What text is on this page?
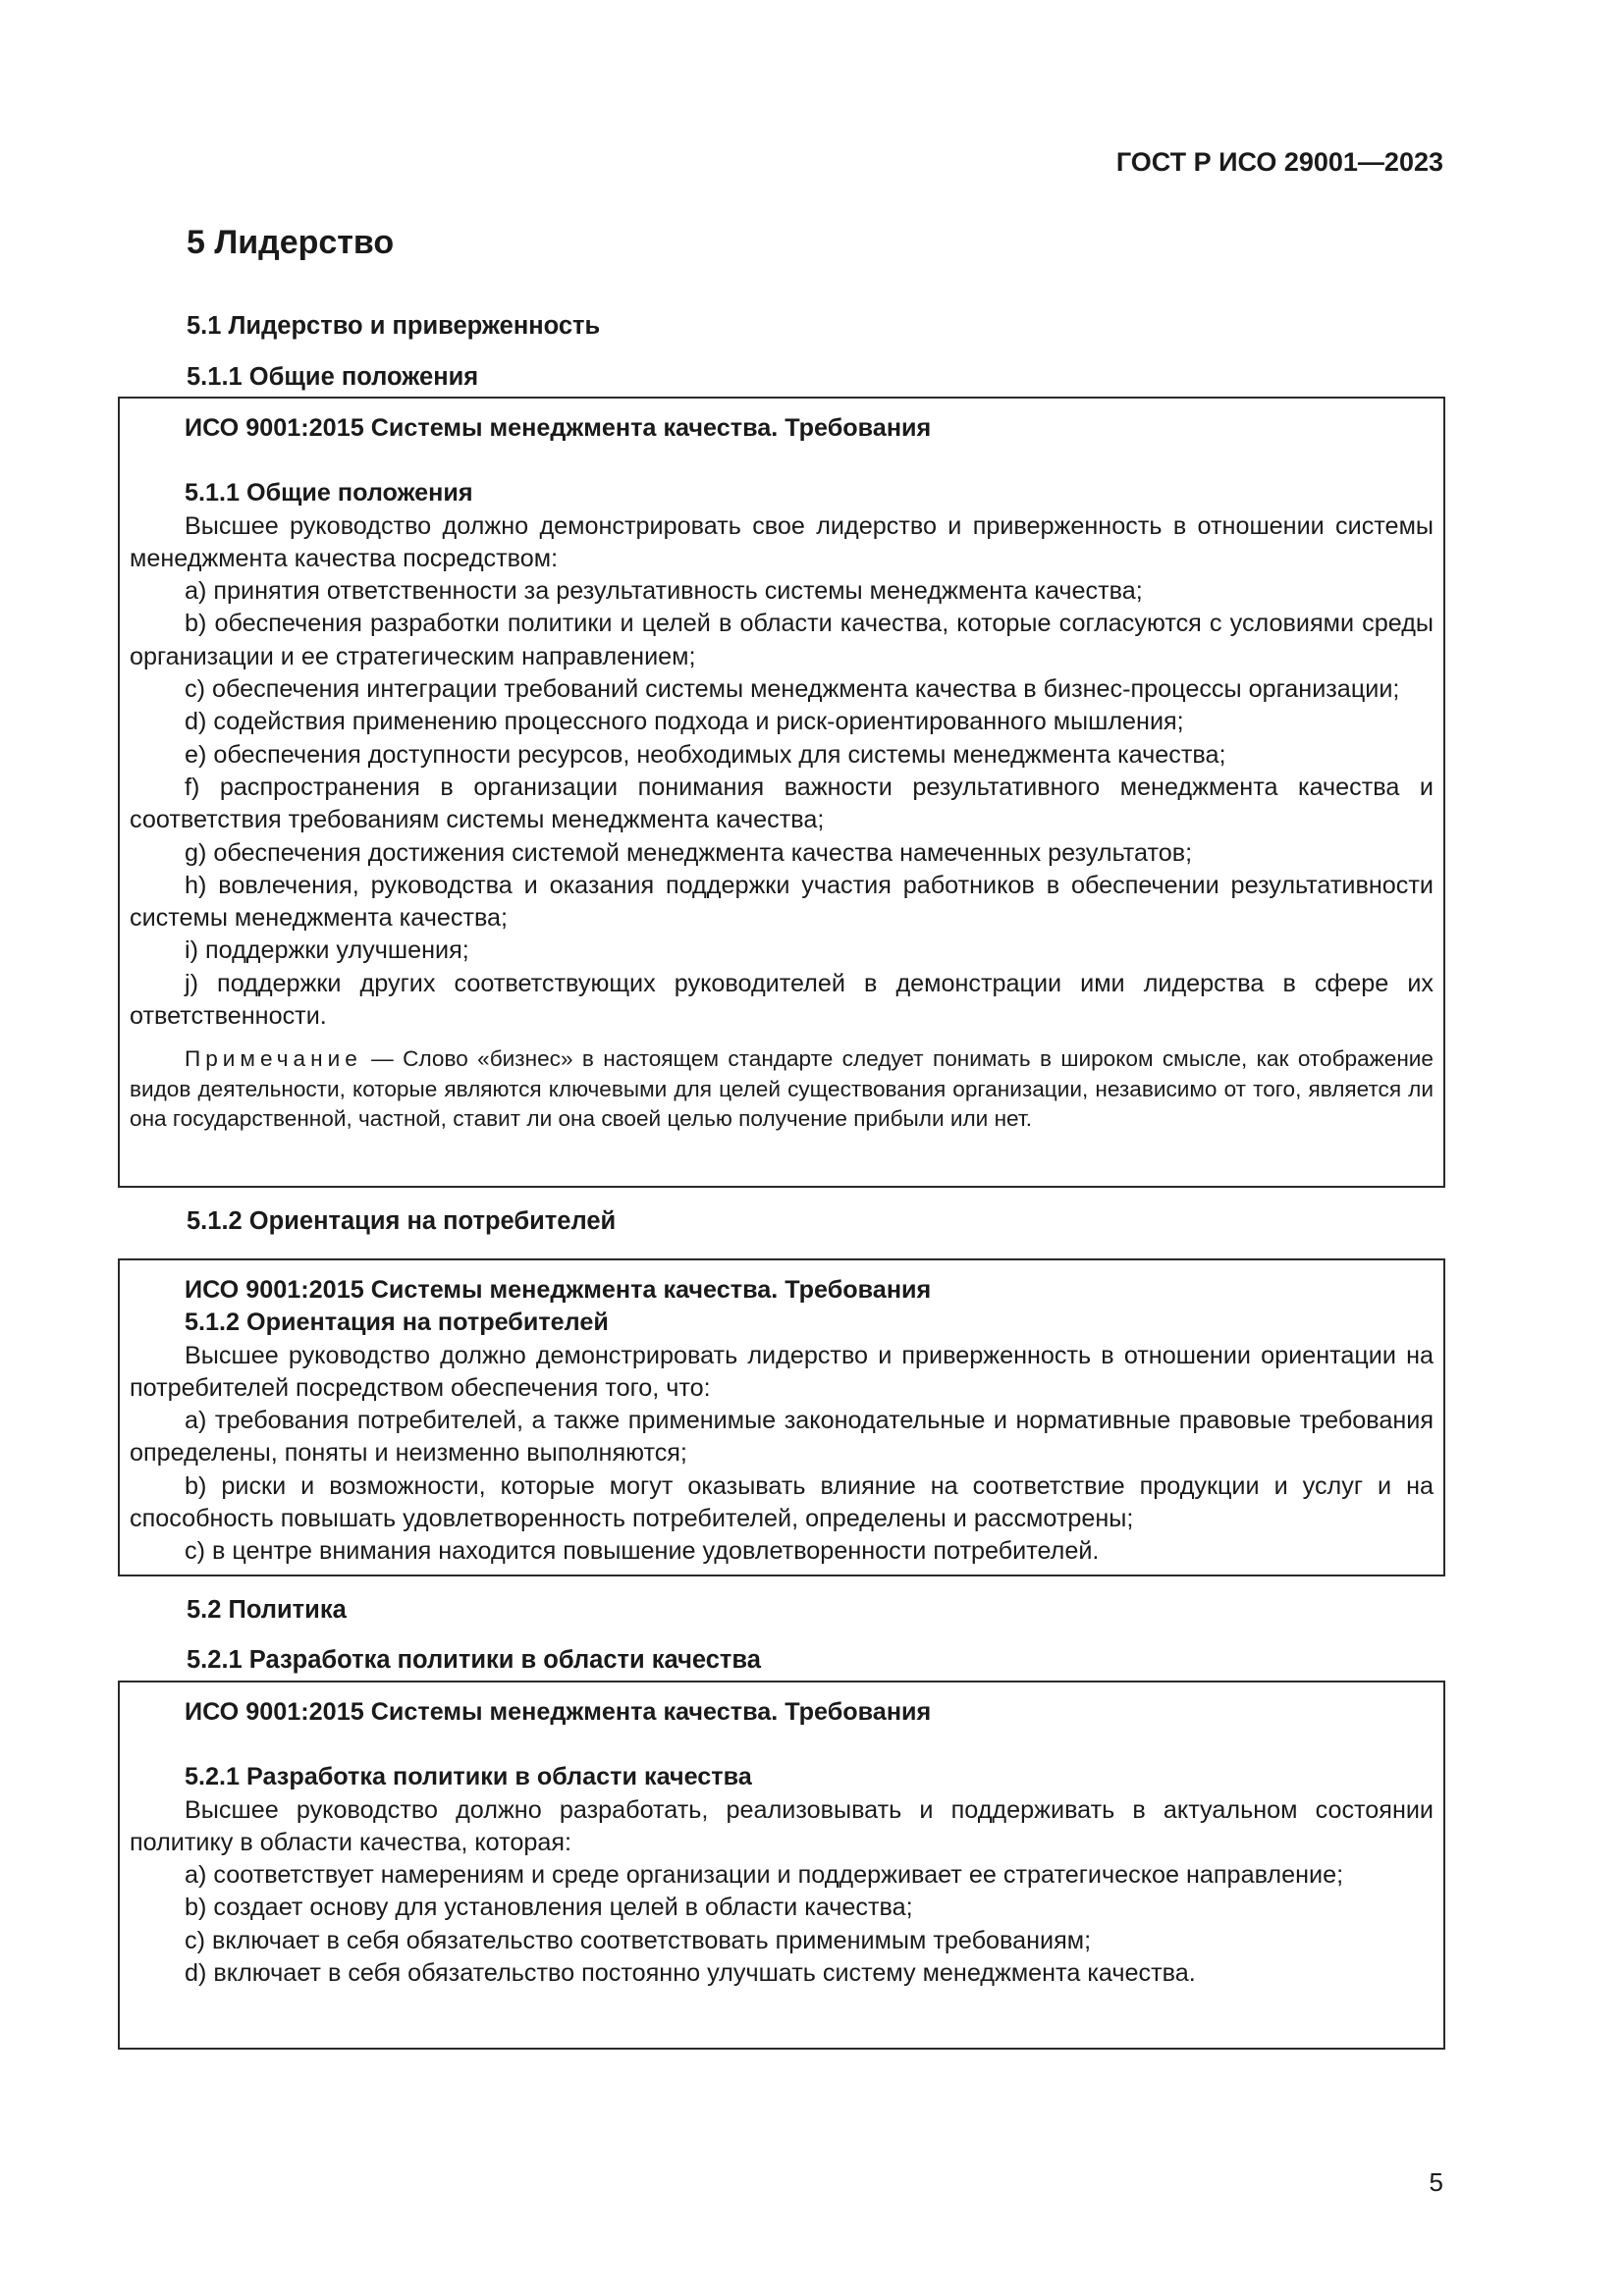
ГОСТ Р ИСО 29001—2023
5 Лидерство
5.1 Лидерство и приверженность
5.1.1 Общие положения
ИСО 9001:2015 Системы менеджмента качества. Требования
5.1.1 Общие положения
Высшее руководство должно демонстрировать свое лидерство и приверженность в отношении системы менеджмента качества посредством:
a) принятия ответственности за результативность системы менеджмента качества;
b) обеспечения разработки политики и целей в области качества, которые согласуются с условиями среды организации и ее стратегическим направлением;
c) обеспечения интеграции требований системы менеджмента качества в бизнес-процессы организации;
d) содействия применению процессного подхода и риск-ориентированного мышления;
e) обеспечения доступности ресурсов, необходимых для системы менеджмента качества;
f) распространения в организации понимания важности результативного менеджмента качества и соответствия требованиям системы менеджмента качества;
g) обеспечения достижения системой менеджмента качества намеченных результатов;
h) вовлечения, руководства и оказания поддержки участия работников в обеспечении результативности системы менеджмента качества;
i) поддержки улучшения;
j) поддержки других соответствующих руководителей в демонстрации ими лидерства в сфере их ответственности.
Примечание — Слово «бизнес» в настоящем стандарте следует понимать в широком смысле, как отображение видов деятельности, которые являются ключевыми для целей существования организации, независимо от того, является ли она государственной, частной, ставит ли она своей целью получение прибыли или нет.
5.1.2 Ориентация на потребителей
ИСО 9001:2015 Системы менеджмента качества. Требования
5.1.2 Ориентация на потребителей
Высшее руководство должно демонстрировать лидерство и приверженность в отношении ориентации на потребителей посредством обеспечения того, что:
a) требования потребителей, а также применимые законодательные и нормативные правовые требования определены, поняты и неизменно выполняются;
b) риски и возможности, которые могут оказывать влияние на соответствие продукции и услуг и на способность повышать удовлетворенность потребителей, определены и рассмотрены;
c) в центре внимания находится повышение удовлетворенности потребителей.
5.2 Политика
5.2.1 Разработка политики в области качества
ИСО 9001:2015 Системы менеджмента качества. Требования
5.2.1 Разработка политики в области качества
Высшее руководство должно разработать, реализовывать и поддерживать в актуальном состоянии политику в области качества, которая:
a) соответствует намерениям и среде организации и поддерживает ее стратегическое направление;
b) создает основу для установления целей в области качества;
c) включает в себя обязательство соответствовать применимым требованиям;
d) включает в себя обязательство постоянно улучшать систему менеджмента качества.
5
